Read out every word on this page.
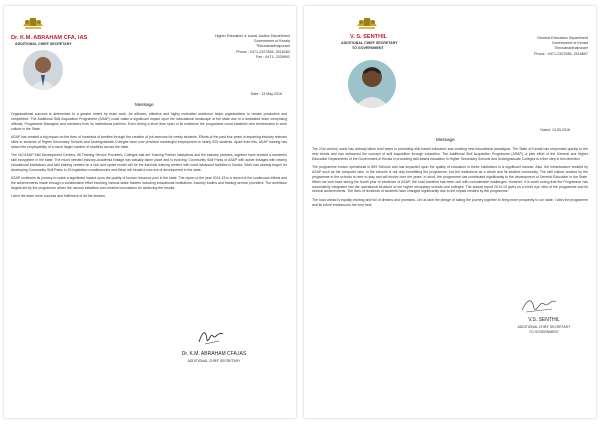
Dr. K.M. ABRAHAM CFA, IAS
ADDITIONAL CHIEF SECRETARY
Higher Education & social Justice Department
Government of Kerala
Thiruvananthapuram
Phone : 0471-2327584, 2518282
Fax : 0471- 2328901
Date : 13 May 2016
Message

Organisational success is determined to a greater extent by team work. An efficient, effective and highly motivated workforce helps organisations to remain productive and competitive. The Additional Skill Acquisition Programme (ASAP) could make a significant impact upon the educational landscape of the state due to a dedicated team comprising officials, Programme Managers and members from its institutional partners. Even during a short time span of its existence the programme could establish new benchmarks in work culture in the State.

ASAP has created a big impact on the lives of hundreds of families through the creation of job avenues for needy students. Efforts of the past four years in imparting industry relevant skills to students of Higher Secondary Schools and Undergraduate Colleges have now provided meaningful employment to nearly 925 students. Apart from this, ASAP training has raised the employability of a much larger number of students across the state.

The 110 ASAP Skill Development Centers, 56 Training Service Providers, Colleges that are Training Partner institutions and the industry partners, together have created a wonderful skill ecosystem in the state. The much needed Industry-Academia linkage has actually taken place and is evolving. Community Skill Parks of ASAP with active linkages with nearby educational institutions and skill training centers on a hub and spoke model will be the futuristic training centers with most advanced facilities in Kerala. Work has already begun for developing Community Skill Parks in 15 legislative constituencies and these will herald a new era of development in the state.

ASAP continues its journey to make a significant impact upon the quality of human resource pool in the state. The report of the year 2014-15 is a record of the continuous efforts and the achievements made through a collaborative effort involving various stake holders including educational institutions, industry bodies and training service providers. The ambitious targets set by the programme drives the various initiatives and creative innovations for achieving the results.

I wish the team more success and fulfillment of all the dreams.

Dr. K.M. ABRAHAM CFA,IAS
ADDITIONAL CHIEF SECRETARY
V. S. SENTHIL
ADDITIONAL CHIEF SECRETARY
TO GOVERNMENT
General Education Department
Government of Kerala
Thiruvananthapuram
Phone : 0471-2327586, 2518897
Dated: 13.05.2016
Message

The 21st century world has already taken bold steps in promoting skill based education and creating new educational paradigms. The State of Kerala has responded quickly to the new trends and has embraced the concept of skill acquisition through education. The Additional Skill Acquisition Programme (ASAP), a joint effort of the General and Higher Education Departments of the Government of Kerala in promoting skill-based education in Higher Secondary Schools and Undergraduate Colleges is a firm step in this direction.

The programme known operational in 809 Schools and has impacted upon the quality of education in these institutions in a significant manner. Also, the infrastructure created by ASAP such as the computer labs, in the schools is not only benefitting the programme, but the institutions as a whole and its student community. The skill culture created by the programme in the schools is here to stay and will evolve over the years. In short, the programme has contributed significantly to the development of General Education in the State. When we look back during the fourth year of existence of ASAP, the road travelled has been one with considerable challenges. However, it is worth noting that the Programme has successfully integrated into the operational structure of our higher secondary schools and colleges. The annual report 2014-15 gives us a bird's eye view of the programme and its several achievements. The lives of hundreds of students have changed significantly due to the impact created by the programme.

The road ahead is equally exciting and full of dreams and promises. Let us take the pledge of taking the journey together to bring more prosperity to our state. I wish the programme and its future endeavours the very best.

V.S. SENTHIL
ADDITIONAL CHIEF SECRETARY
TO GOVERNMENT
